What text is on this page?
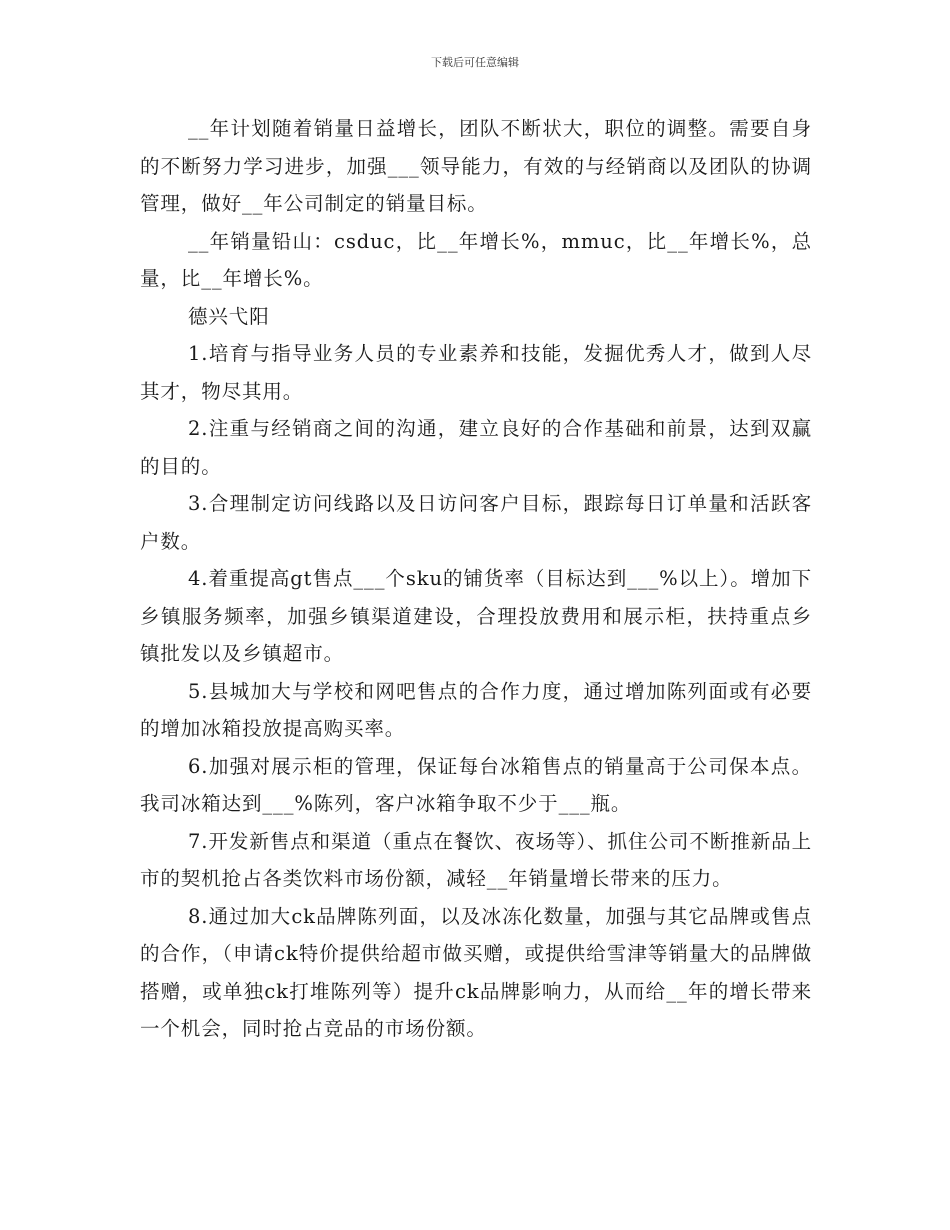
下载后可任意编辑

__年计划随着销量日益增长，团队不断状大，职位的调整。需要自身的不断努力学习进步，加强___领导能力，有效的与经销商以及团队的协调管理，做好__年公司制定的销量目标。

__年销量铅山：csduc，比__年增长%，mmuc，比__年增长%，总量，比__年增长%。

德兴弋阳

1.培育与指导业务人员的专业素养和技能，发掘优秀人才，做到人尽其才，物尽其用。

2.注重与经销商之间的沟通，建立良好的合作基础和前景，达到双赢的目的。

3.合理制定访问线路以及日访问客户目标，跟踪每日订单量和活跃客户数。

4.着重提高gt售点___个sku的铺货率（目标达到___%以上）。增加下乡镇服务频率，加强乡镇渠道建设，合理投放费用和展示柜，扶持重点乡镇批发以及乡镇超市。

5.县城加大与学校和网吧售点的合作力度，通过增加陈列面或有必要的增加冰箱投放提高购买率。

6.加强对展示柜的管理，保证每台冰箱售点的销量高于公司保本点。我司冰箱达到___%陈列，客户冰箱争取不少于___瓶。

7.开发新售点和渠道（重点在餐饮、夜场等）、抓住公司不断推新品上市的契机抢占各类饮料市场份额，减轻__年销量增长带来的压力。

8.通过加大ck品牌陈列面，以及冰冻化数量，加强与其它品牌或售点的合作，（申请ck特价提供给超市做买赠，或提供给雪津等销量大的品牌做搭赠，或单独ck打堆陈列等）提升ck品牌影响力，从而给__年的增长带来一个机会，同时抢占竞品的市场份额。
